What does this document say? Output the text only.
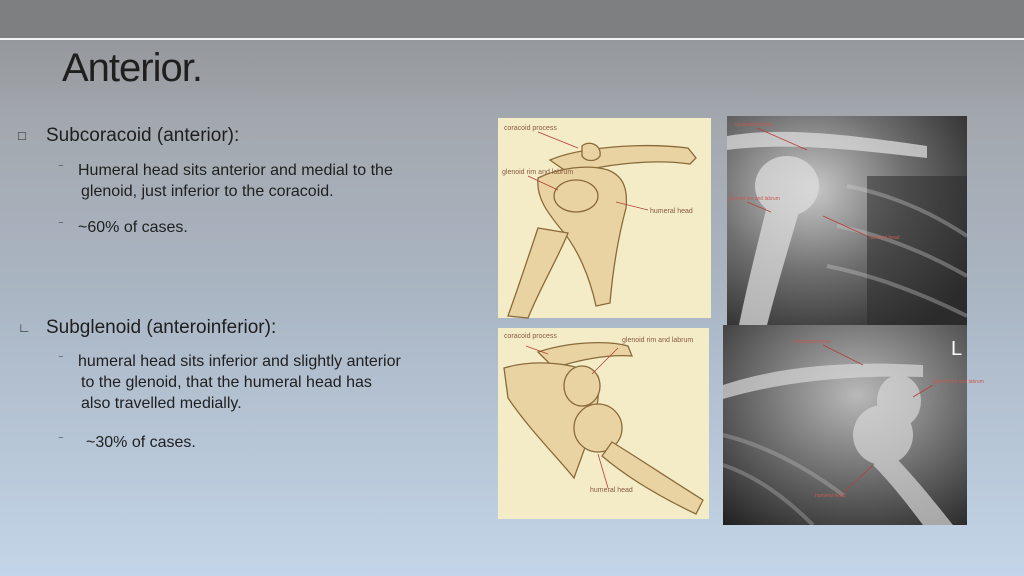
Anterior.
□ Subcoracoid (anterior):
⁻ Humeral head sits anterior and medial to the
glenoid, just inferior to the coracoid.
⁻ ~60% of cases.
∟ Subglenoid (anteroinferior):
⁻ humeral head sits inferior and slightly anterior
to the glenoid, that the humeral head has
also travelled medially.
⁻ ~30% of cases.
coracoid process
glenoid rim and labrum
humeral head
coracoid process
glenoid rim and labrum
humeral head
coracoid process
glenoid rim and labrum
humeral head
coracoid process
glenoid rim and labrum
humeral head
L
